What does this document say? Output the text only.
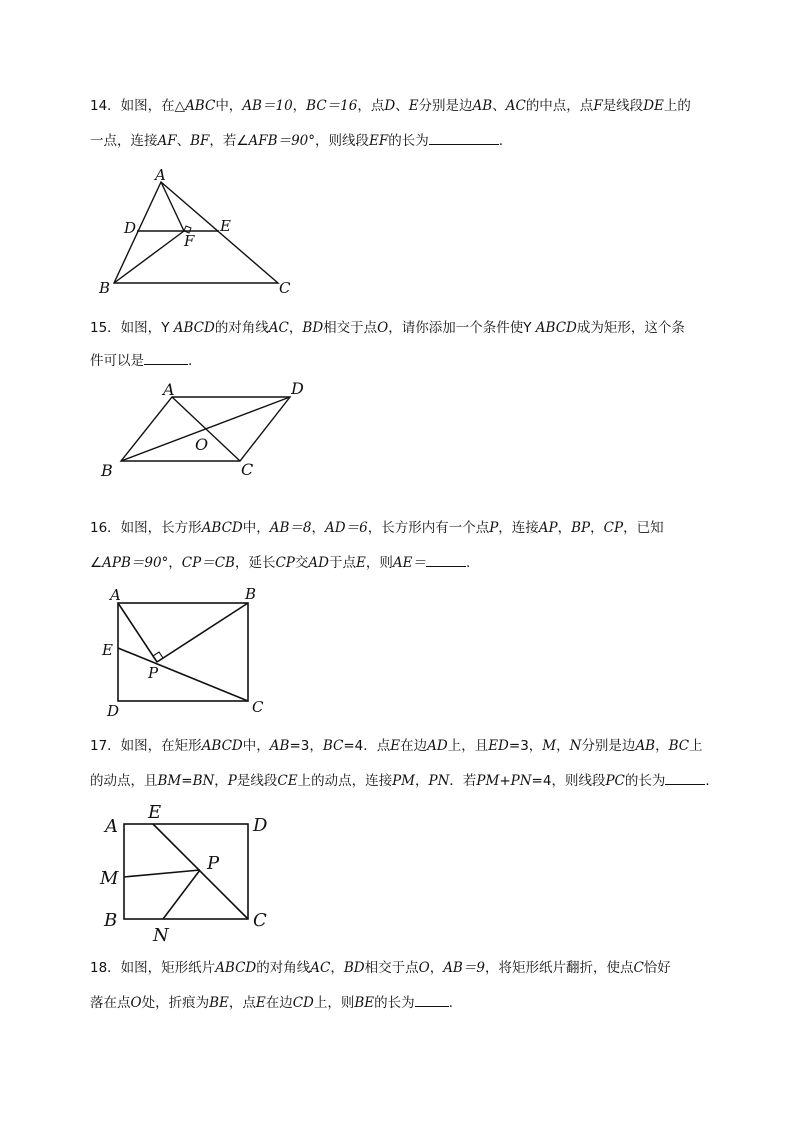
14．如图，在△ABC中，AB＝10，BC＝16，点D、E分别是边AB、AC的中点，点F是线段DE上的
一点，连接AF、BF，若∠AFB＝90°，则线段EF的长为	.
A
B	C
D	E
F
15．如图，Y ABCD的对角线AC，BD相交于点O，请你添加一个条件使Y ABCD成为矩形，这个条
件可以是	.
A
B	C
D
O
16．如图，长方形ABCD中，AB＝8，AD＝6，长方形内有一个点P，连接AP，BP，CP，已知
∠APB＝90°，CP＝CB，延长CP交AD于点E，则AE＝	.
A	B
C
D
E
P
17．如图，在矩形ABCD中，AB=3，BC=4．点E在边AD上，且ED=3，M，N分别是边AB，BC上
的动点，且BM=BN，P是线段CE上的动点，连接PM，PN．若PM+PN=4，则线段PC的长为	．
A
B	C
D
E
M
N
P
18．如图，矩形纸片ABCD的对角线AC，BD相交于点O，AB＝9，将矩形纸片翻折，使点C恰好
落在点O处，折痕为BE，点E在边CD上，则BE的长为	.
